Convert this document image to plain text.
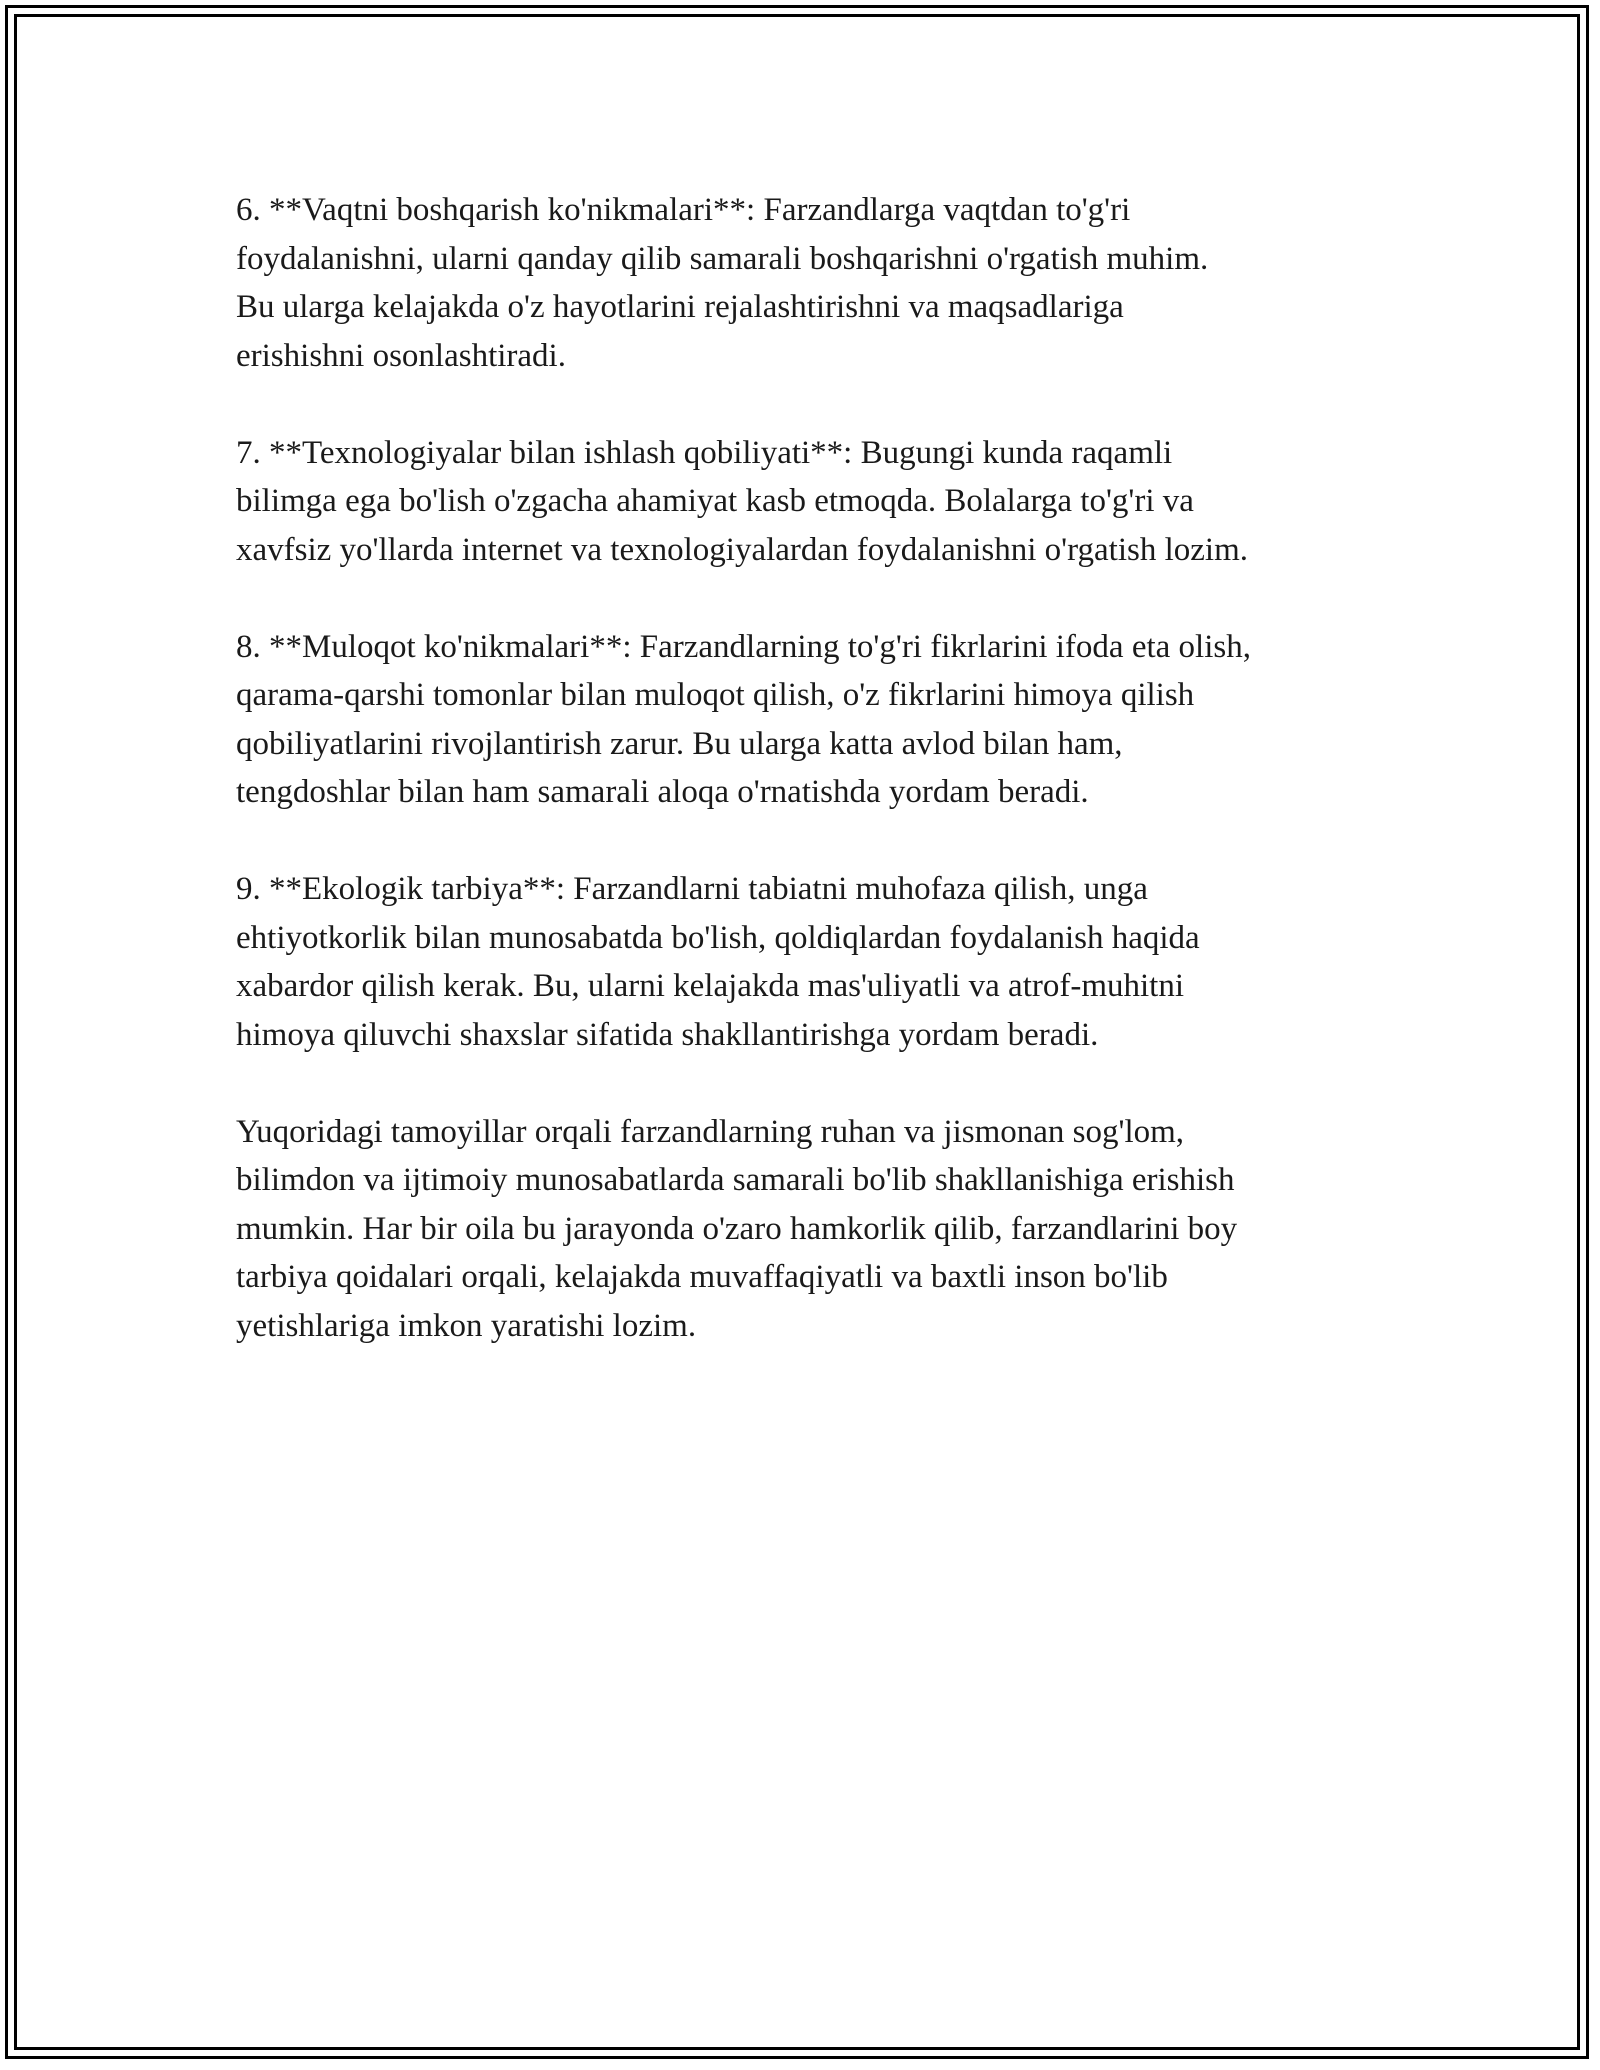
6. **Vaqtni boshqarish ko'nikmalari**: Farzandlarga vaqtdan to'g'ri
foydalanishni, ularni qanday qilib samarali boshqarishni o'rgatish muhim.
Bu ularga kelajakda o'z hayotlarini rejalashtirishni va maqsadlariga
erishishni osonlashtiradi.

7. **Texnologiyalar bilan ishlash qobiliyati**: Bugungi kunda raqamli
bilimga ega bo'lish o'zgacha ahamiyat kasb etmoqda. Bolalarga to'g'ri va
xavfsiz yo'llarda internet va texnologiyalardan foydalanishni o'rgatish lozim.

8. **Muloqot ko'nikmalari**: Farzandlarning to'g'ri fikrlarini ifoda eta olish,
qarama-qarshi tomonlar bilan muloqot qilish, o'z fikrlarini himoya qilish
qobiliyatlarini rivojlantirish zarur. Bu ularga katta avlod bilan ham,
tengdoshlar bilan ham samarali aloqa o'rnatishda yordam beradi.

9. **Ekologik tarbiya**: Farzandlarni tabiatni muhofaza qilish, unga
ehtiyotkorlik bilan munosabatda bo'lish, qoldiqlardan foydalanish haqida
xabardor qilish kerak. Bu, ularni kelajakda mas'uliyatli va atrof-muhitni
himoya qiluvchi shaxslar sifatida shakllantirishga yordam beradi.

Yuqoridagi tamoyillar orqali farzandlarning ruhan va jismonan sog'lom,
bilimdon va ijtimoiy munosabatlarda samarali bo'lib shakllanishiga erishish
mumkin. Har bir oila bu jarayonda o'zaro hamkorlik qilib, farzandlarini boy
tarbiya qoidalari orqali, kelajakda muvaffaqiyatli va baxtli inson bo'lib
yetishlariga imkon yaratishi lozim.
